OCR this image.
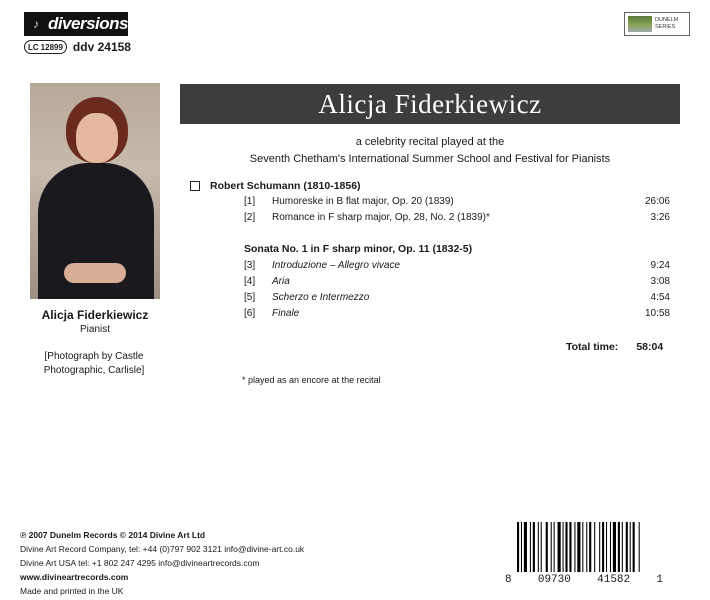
♪ diversions
LC 12899 ddv 24158
DUNELM
SERIES
Alicja Fiderkiewicz
Pianist
[Photograph by Castle Photographic, Carlisle]
Alicja Fiderkiewicz
a celebrity recital played at the
Seventh Chetham's International Summer School and Festival for Pianists
Robert Schumann (1810-1856)
[1]	Humoreske in B flat major, Op. 20 (1839)	26:06
[2]	Romance in F sharp major, Op. 28, No. 2 (1839)*	3:26
Sonata No. 1 in F sharp minor, Op. 11 (1832-5)
[3]	Introduzione – Allegro vivace	9:24
[4]	Aria	3:08
[5]	Scherzo e Intermezzo	4:54
[6]	Finale	10:58
Total time: 58:04
* played as an encore at the recital
℗ 2007 Dunelm Records © 2014 Divine Art Ltd
Divine Art Record Company, tel: +44 (0)797 902 3121 info@divine-art.co.uk
Divine Art USA tel: +1 802 247 4295 info@divineartrecords.com
www.divineartrecords.com
Made and printed in the UK
8 09730 41582 1
